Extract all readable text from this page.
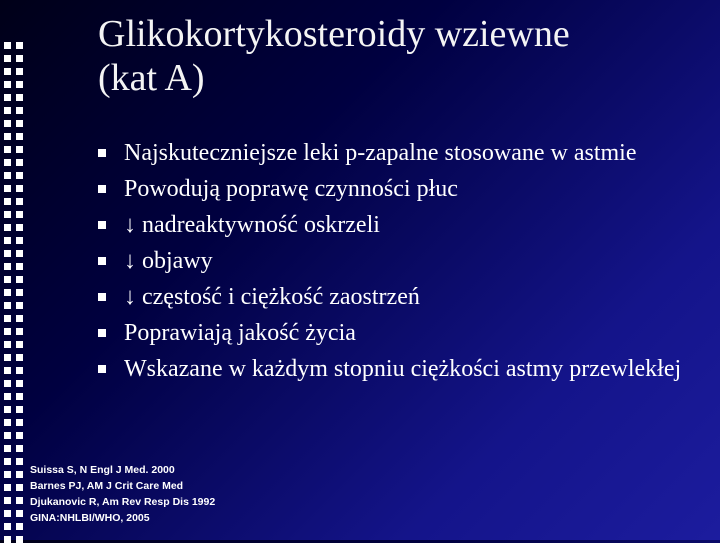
Glikokortykosteroidy wziewne
(kat A)
Najskuteczniejsze leki p-zapalne stosowane w astmie
Powodują poprawę czynności płuc
↓ nadreaktywność oskrzeli
↓ objawy
↓ częstość i ciężkość zaostrzeń
Poprawiają jakość życia
Wskazane w każdym stopniu ciężkości astmy przewlekłej
Suissa S, N Engl J Med. 2000
Barnes PJ, AM J Crit Care Med
Djukanovic R, Am Rev Resp Dis 1992
GINA:NHLBI/WHO, 2005
